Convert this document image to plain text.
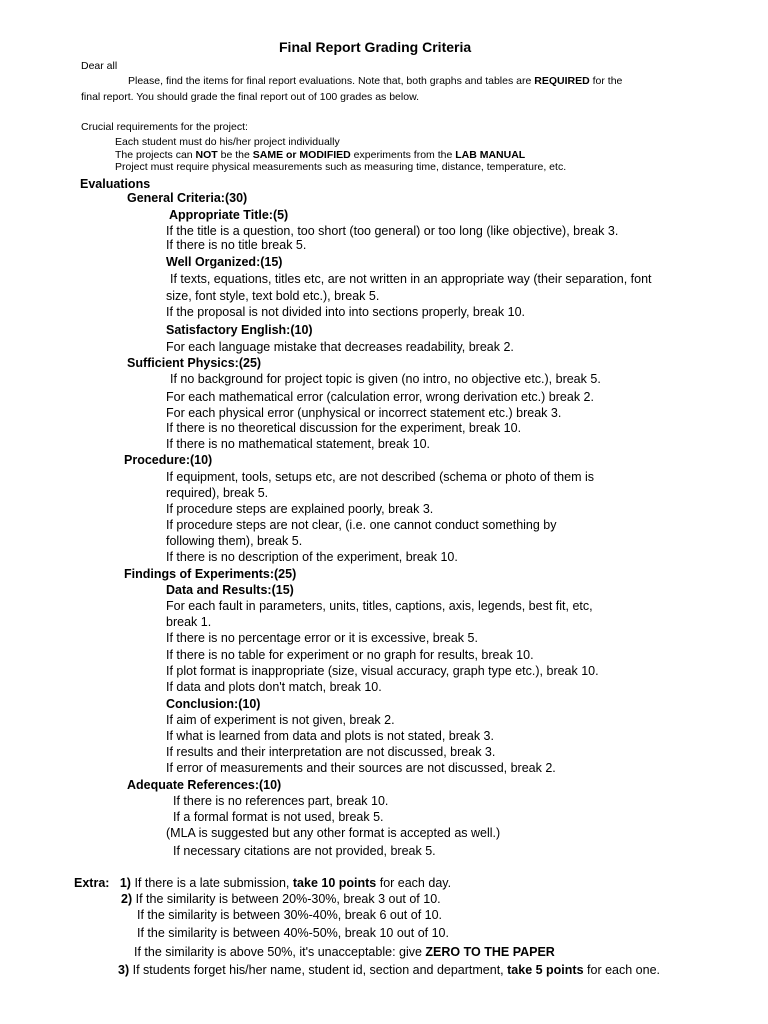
Final Report Grading Criteria
Dear all
Please, find the items for final report evaluations. Note that, both graphs and tables are REQUIRED for the
final report. You should grade the final report out of 100 grades as below.
Crucial requirements for the project:
Each student must do his/her project individually
The projects can NOT be the SAME or MODIFIED experiments from the LAB MANUAL
Project must require physical measurements such as measuring time, distance, temperature, etc.
Evaluations
General Criteria:(30)
Appropriate Title:(5)
If the title is a question, too short (too general) or too long (like objective), break 3.
If there is no title break 5.
Well Organized:(15)
If texts, equations, titles etc, are not written in an appropriate way (their separation, font
size, font style, text bold etc.), break 5.
If the proposal is not divided into into sections properly, break 10.
Satisfactory English:(10)
For each language mistake that decreases readability, break 2.
Sufficient Physics:(25)
If no background for project topic is given (no intro, no objective etc.), break 5.
For each mathematical error (calculation error, wrong derivation etc.) break 2.
For each physical error (unphysical or incorrect statement etc.) break 3.
If there is no theoretical discussion for the experiment, break 10.
If there is no mathematical statement, break 10.
Procedure:(10)
If equipment, tools, setups etc, are not described (schema or photo of them is
required), break 5.
If procedure steps are explained poorly, break 3.
If procedure steps are not clear, (i.e. one cannot conduct something by
following them), break 5.
If there is no description of the experiment, break 10.
Findings of Experiments:(25)
Data and Results:(15)
For each fault in parameters, units, titles, captions, axis, legends, best fit, etc,
break 1.
If there is no percentage error or it is excessive, break 5.
If there is no table for experiment or no graph for results, break 10.
If plot format is inappropriate (size, visual accuracy, graph type etc.), break 10.
If data and plots don't match, break 10.
Conclusion:(10)
If aim of experiment is not given, break 2.
If what is learned from data and plots is not stated, break 3.
If results and their interpretation are not discussed, break 3.
If error of measurements and their sources are not discussed, break 2.
Adequate References:(10)
If there is no references part, break 10.
If a formal format is not used, break 5.
(MLA is suggested but any other format is accepted as well.)
If necessary citations are not provided, break 5.
Extra: 1) If there is a late submission, take 10 points for each day.
2) If the similarity is between 20%-30%, break 3 out of 10.
If the similarity is between 30%-40%, break 6 out of 10.
If the similarity is between 40%-50%, break 10 out of 10.
If the similarity is above 50%, it's unacceptable: give ZERO TO THE PAPER
3) If students forget his/her name, student id, section and department, take 5 points for each one.
